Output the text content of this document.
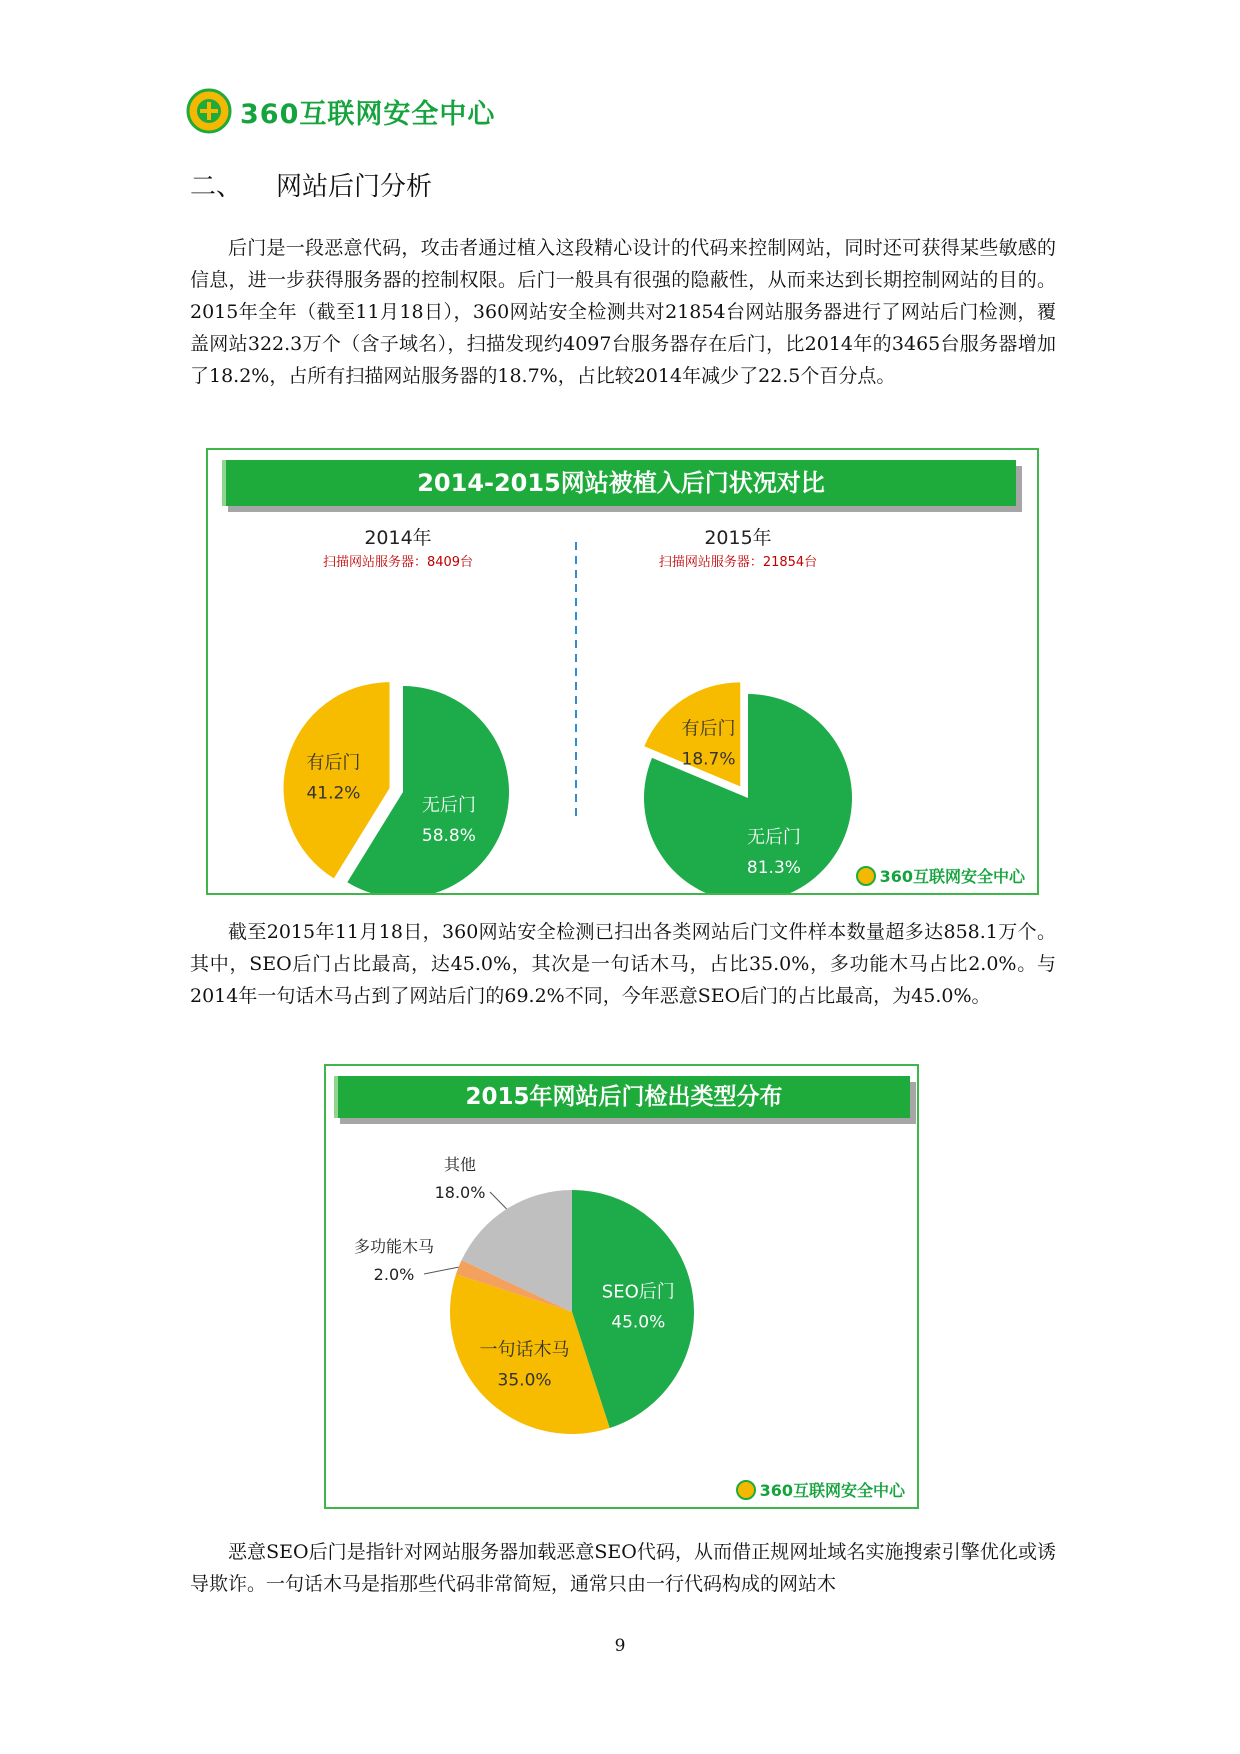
360互联网安全中心
二、 网站后门分析
后门是一段恶意代码，攻击者通过植入这段精心设计的代码来控制网站，同时还可获得某些敏感的信息，进一步获得服务器的控制权限。后门一般具有很强的隐蔽性，从而来达到长期控制网站的目的。2015年全年（截至11月18日），360网站安全检测共对21854台网站服务器进行了网站后门检测，覆盖网站322.3万个（含子域名），扫描发现约4097台服务器存在后门，比2014年的3465台服务器增加了18.2%，占所有扫描网站服务器的18.7%，占比较2014年减少了22.5个百分点。
2014-2015网站被植入后门状况对比
有后门
41.2%
无后门
58.8%
2014年
扫描网站服务器：8409台
有后门
18.7%
无后门
81.3%
2015年
扫描网站服务器：21854台
360互联网安全中心
截至2015年11月18日，360网站安全检测已扫出各类网站后门文件样本数量超多达858.1万个。其中，SEO后门占比最高，达45.0%，其次是一句话木马，占比35.0%，多功能木马占比2.0%。与2014年一句话木马占到了网站后门的69.2%不同，今年恶意SEO后门的占比最高，为45.0%。
2015年网站后门检出类型分布
SEO后门
45.0%
一句话木马
35.0%
多功能木马
2.0%
其他
18.0%
360互联网安全中心
恶意SEO后门是指针对网站服务器加载恶意SEO代码，从而借正规网址域名实施搜索引擎优化或诱导欺诈。一句话木马是指那些代码非常简短，通常只由一行代码构成的网站木
9
